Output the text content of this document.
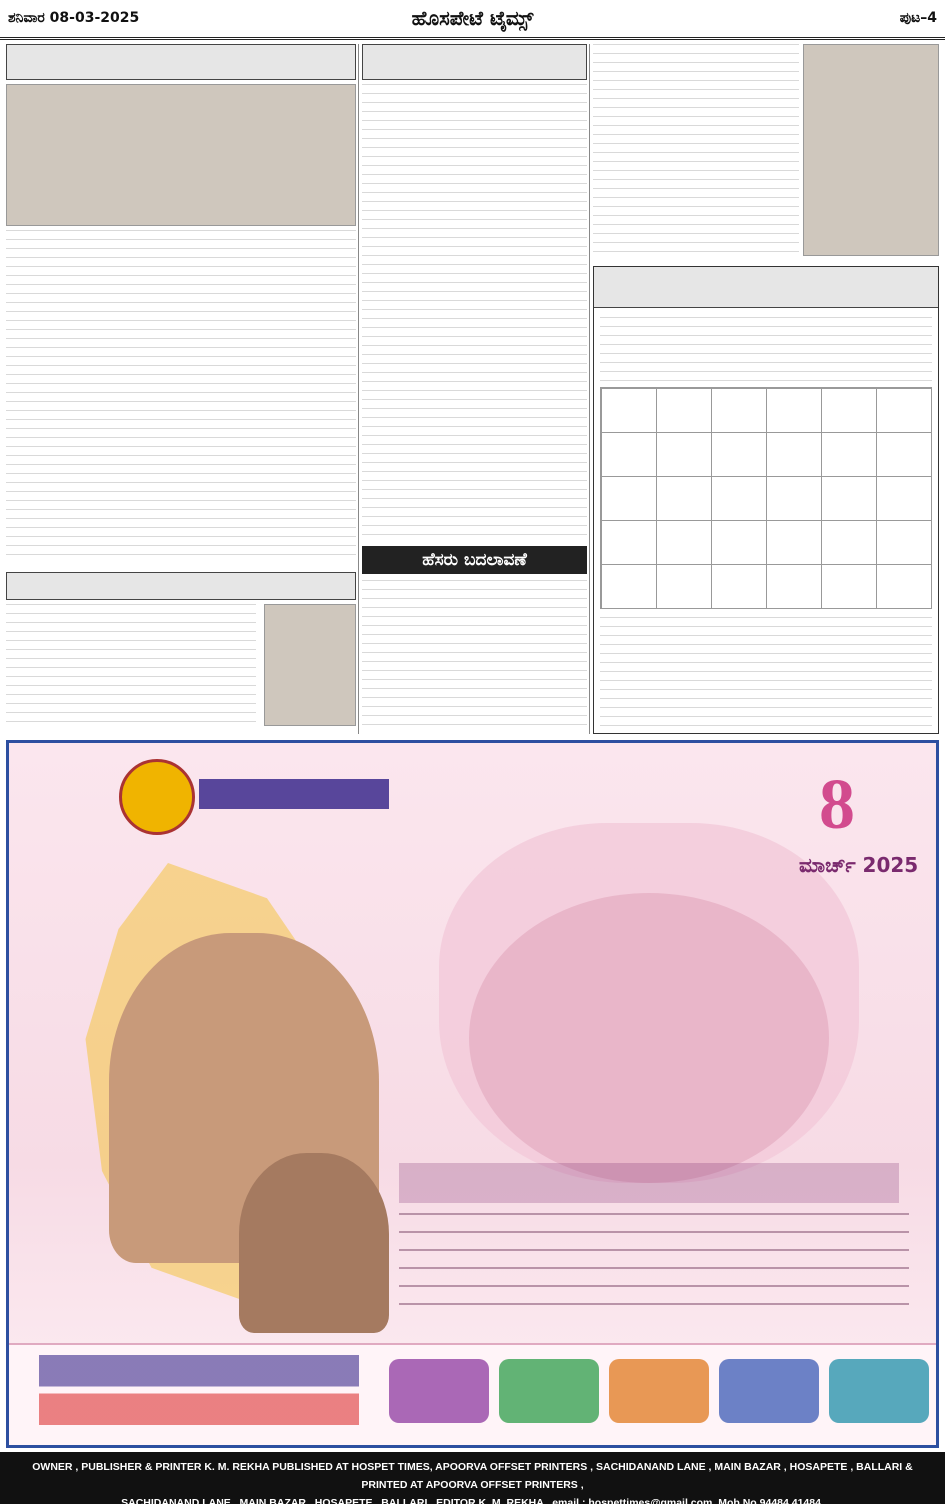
ಶನಿವಾರ 08-03-2025	ಹೊಸಪೇಟೆ ಟೈಮ್ಸ್	ಪುಟ–4
ಹೆಸರು ಬದಲಾವಣೆ
8
ಮಾರ್ಚ್ 2025
OWNER , PUBLISHER & PRINTER K. M. REKHA PUBLISHED AT HOSPET TIMES, APOORVA OFFSET PRINTERS , SACHIDANAND LANE , MAIN BAZAR , HOSAPETE , BALLARI & PRINTED AT APOORVA OFFSET PRINTERS ,
SACHIDANAND LANE , MAIN BAZAR , HOSAPETE , BALLARI , EDITOR K. M. REKHA . email : hospettimes@gmail.com, Mob No 94484 41484.
